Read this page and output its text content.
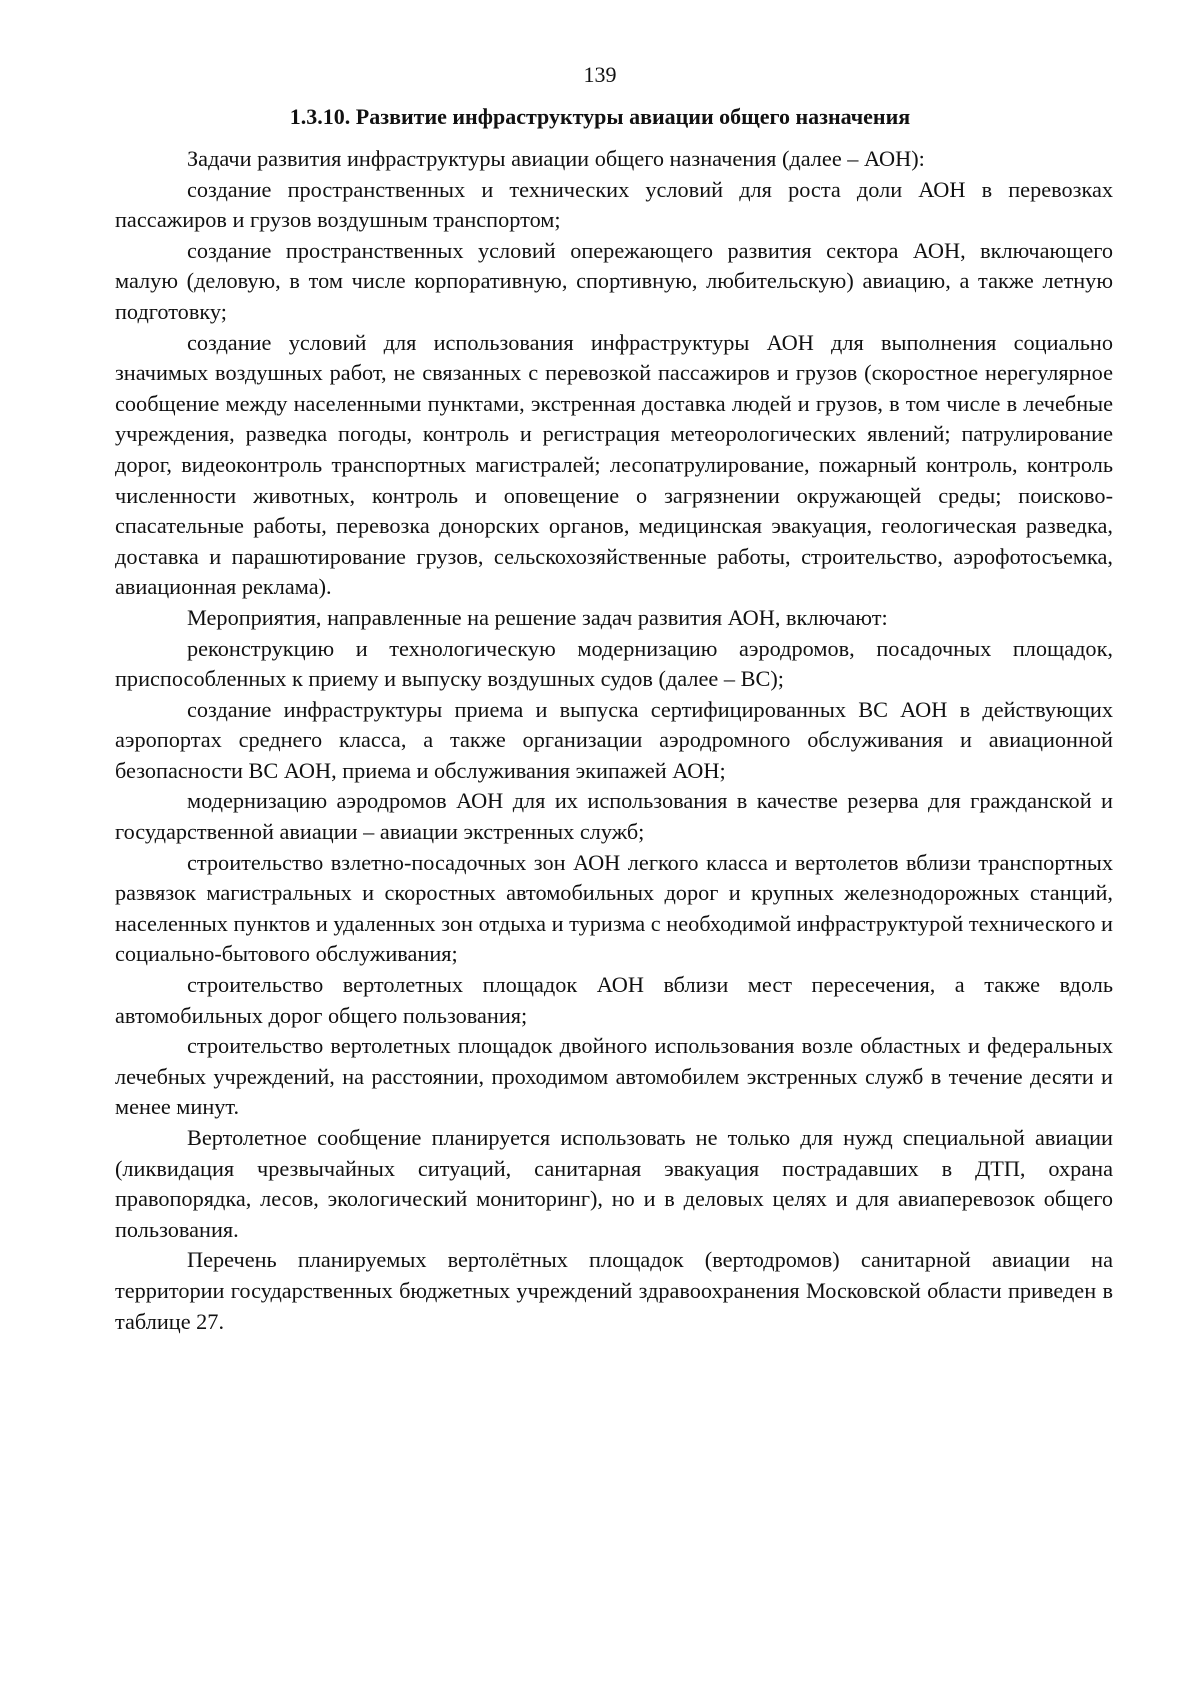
139
1.3.10. Развитие инфраструктуры авиации общего назначения

Задачи развития инфраструктуры авиации общего назначения (далее – АОН):

создание пространственных и технических условий для роста доли АОН в перевозках пассажиров и грузов воздушным транспортом;

создание пространственных условий опережающего развития сектора АОН, включающего малую (деловую, в том числе корпоративную, спортивную, любительскую) авиацию, а также летную подготовку;

создание условий для использования инфраструктуры АОН для выполнения социально значимых воздушных работ, не связанных с перевозкой пассажиров и грузов (скоростное нерегулярное сообщение между населенными пунктами, экстренная доставка людей и грузов, в том числе в лечебные учреждения, разведка погоды, контроль и регистрация метеорологических явлений; патрулирование дорог, видеоконтроль транспортных магистралей; лесопатрулирование, пожарный контроль, контроль численности животных, контроль и оповещение о загрязнении окружающей среды; поисково-спасательные работы, перевозка донорских органов, медицинская эвакуация, геологическая разведка, доставка и парашютирование грузов, сельскохозяйственные работы, строительство, аэрофотосъемка, авиационная реклама).

Мероприятия, направленные на решение задач развития АОН, включают:

реконструкцию и технологическую модернизацию аэродромов, посадочных площадок, приспособленных к приему и выпуску воздушных судов (далее – ВС);

создание инфраструктуры приема и выпуска сертифицированных ВС АОН в действующих аэропортах среднего класса, а также организации аэродромного обслуживания и авиационной безопасности ВС АОН, приема и обслуживания экипажей АОН;

модернизацию аэродромов АОН для их использования в качестве резерва для гражданской и государственной авиации – авиации экстренных служб;

строительство взлетно-посадочных зон АОН легкого класса и вертолетов вблизи транспортных развязок магистральных и скоростных автомобильных дорог и крупных железнодорожных станций, населенных пунктов и удаленных зон отдыха и туризма с необходимой инфраструктурой технического и социально-бытового обслуживания;

строительство вертолетных площадок АОН вблизи мест пересечения, а также вдоль автомобильных дорог общего пользования;

строительство вертолетных площадок двойного использования возле областных и федеральных лечебных учреждений, на расстоянии, проходимом автомобилем экстренных служб в течение десяти и менее минут.

Вертолетное сообщение планируется использовать не только для нужд специальной авиации (ликвидация чрезвычайных ситуаций, санитарная эвакуация пострадавших в ДТП, охрана правопорядка, лесов, экологический мониторинг), но и в деловых целях и для авиаперевозок общего пользования.

Перечень планируемых вертолётных площадок (вертодромов) санитарной авиации на территории государственных бюджетных учреждений здравоохранения Московской области приведен в таблице 27.
